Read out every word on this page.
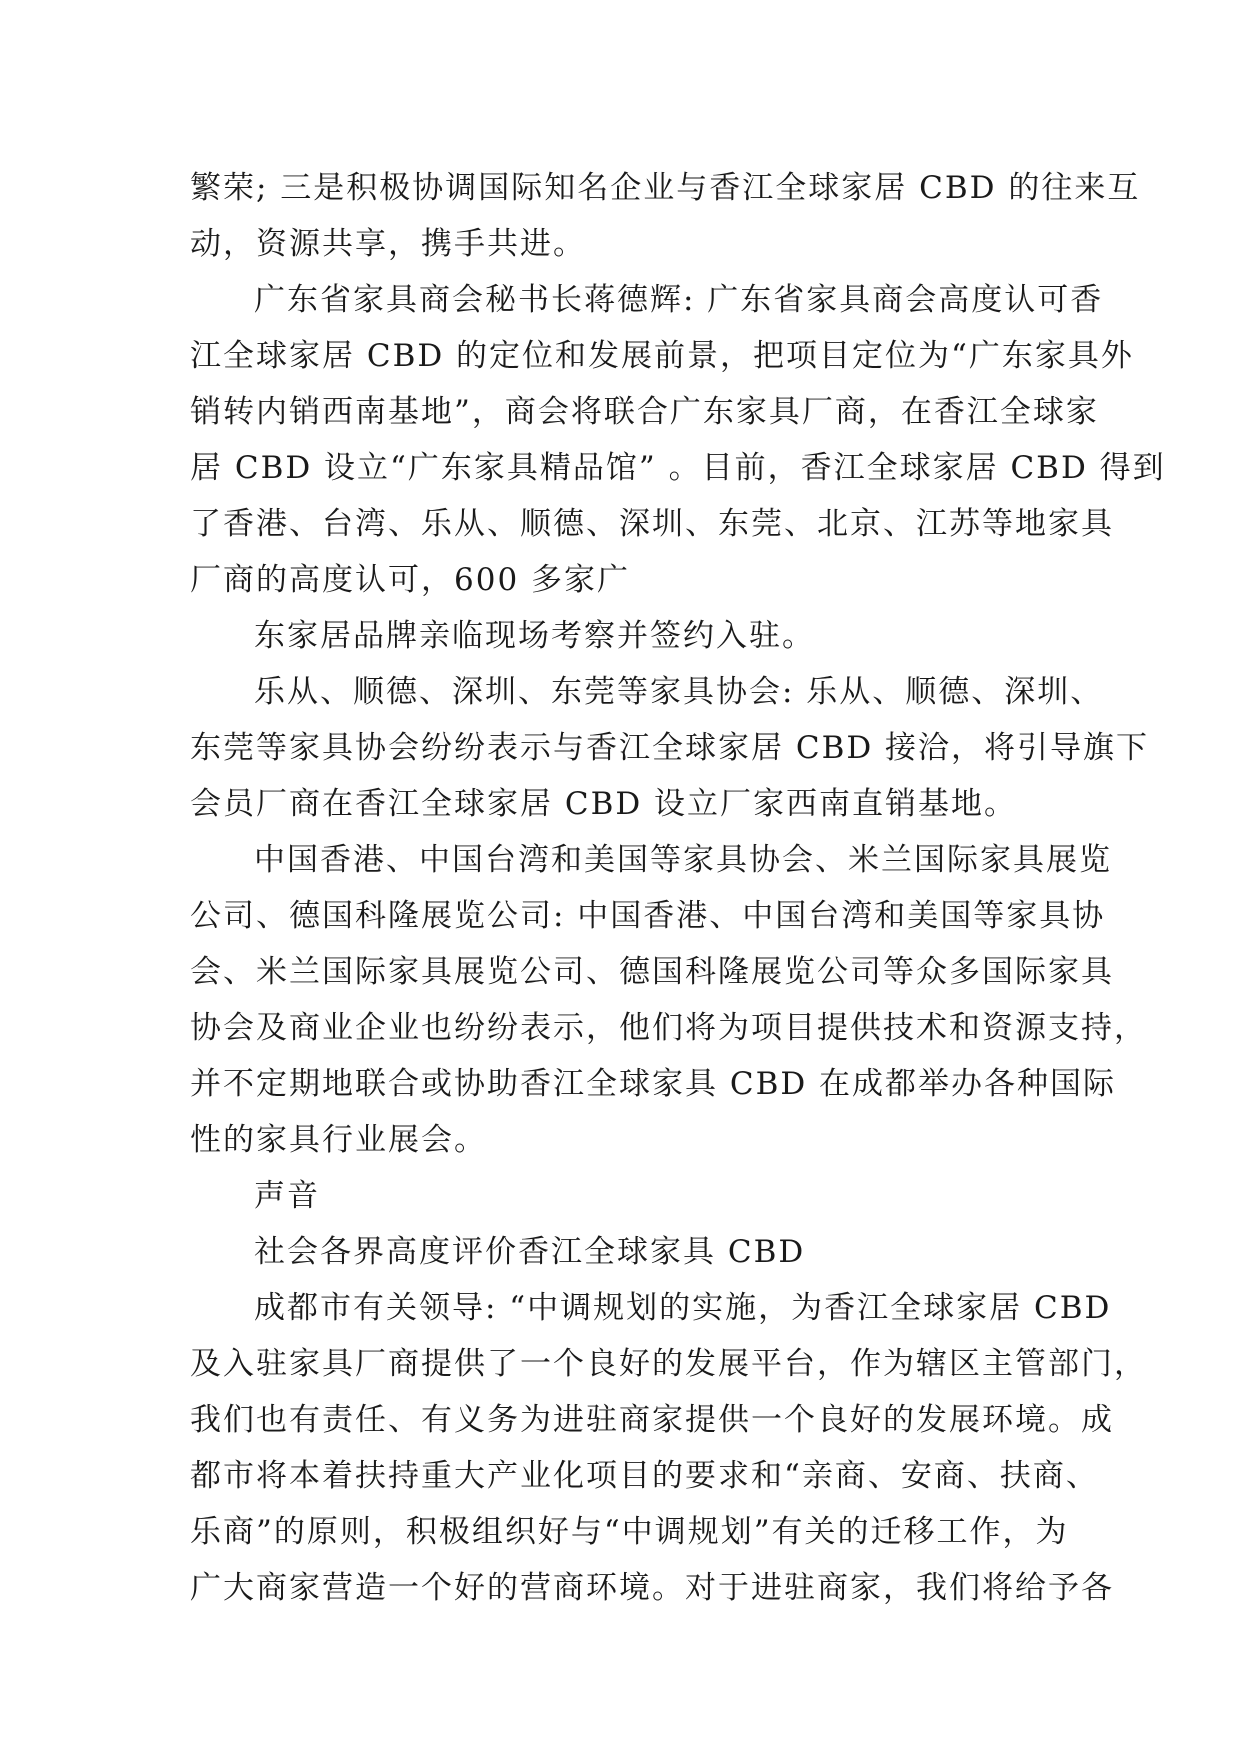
繁荣; 三是积极协调国际知名企业与香江全球家居 CBD 的往来互
动，资源共享，携手共进。
广东省家具商会秘书长蒋德辉: 广东省家具商会高度认可香
江全球家居 CBD 的定位和发展前景，把项目定位为“广东家具外
销转内销西南基地”，商会将联合广东家具厂商，在香江全球家
居 CBD 设立“广东家具精品馆” 。目前，香江全球家居 CBD 得到
了香港、台湾、乐从、顺德、深圳、东莞、北京、江苏等地家具
厂商的高度认可，600 多家广
东家居品牌亲临现场考察并签约入驻。
乐从、顺德、深圳、东莞等家具协会: 乐从、顺德、深圳、
东莞等家具协会纷纷表示与香江全球家居 CBD 接洽，将引导旗下
会员厂商在香江全球家居 CBD 设立厂家西南直销基地。
中国香港、中国台湾和美国等家具协会、米兰国际家具展览
公司、德国科隆展览公司: 中国香港、中国台湾和美国等家具协
会、米兰国际家具展览公司、德国科隆展览公司等众多国际家具
协会及商业企业也纷纷表示，他们将为项目提供技术和资源支持，
并不定期地联合或协助香江全球家具 CBD 在成都举办各种国际
性的家具行业展会。
声音
社会各界高度评价香江全球家具 CBD
成都市有关领导: “中调规划的实施，为香江全球家居 CBD
及入驻家具厂商提供了一个良好的发展平台，作为辖区主管部门，
我们也有责任、有义务为进驻商家提供一个良好的发展环境。成
都市将本着扶持重大产业化项目的要求和“亲商、安商、扶商、
乐商”的原则，积极组织好与“中调规划”有关的迁移工作，为
广大商家营造一个好的营商环境。对于进驻商家，我们将给予各
